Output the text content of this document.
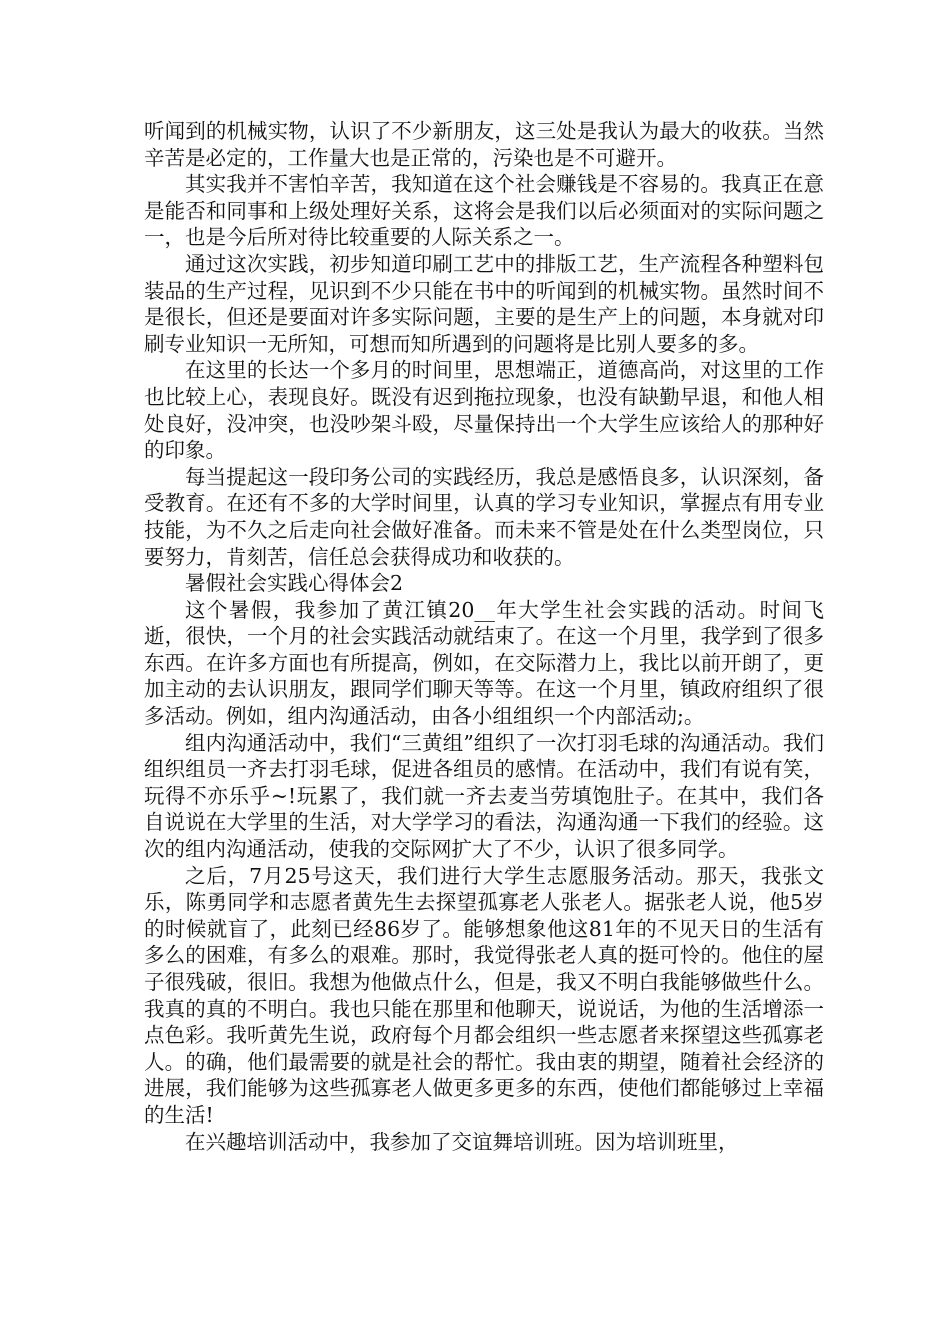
听闻到的机械实物，认识了不少新朋友，这三处是我认为最大的收获。当然辛苦是必定的，工作量大也是正常的，污染也是不可避开。

其实我并不害怕辛苦，我知道在这个社会赚钱是不容易的。我真正在意是能否和同事和上级处理好关系，这将会是我们以后必须面对的实际问题之一，也是今后所对待比较重要的人际关系之一。

通过这次实践，初步知道印刷工艺中的排版工艺，生产流程各种塑料包装品的生产过程，见识到不少只能在书中的听闻到的机械实物。虽然时间不是很长，但还是要面对许多实际问题，主要的是生产上的问题，本身就对印刷专业知识一无所知，可想而知所遇到的问题将是比别人要多的多。

在这里的长达一个多月的时间里，思想端正，道德高尚，对这里的工作也比较上心，表现良好。既没有迟到拖拉现象，也没有缺勤早退，和他人相处良好，没冲突，也没吵架斗殴，尽量保持出一个大学生应该给人的那种好的印象。

每当提起这一段印务公司的实践经历，我总是感悟良多，认识深刻，备受教育。在还有不多的大学时间里，认真的学习专业知识，掌握点有用专业技能，为不久之后走向社会做好准备。而未来不管是处在什么类型岗位，只要努力，肯刻苦，信任总会获得成功和收获的。

暑假社会实践心得体会2

这个暑假，我参加了黄江镇20__年大学生社会实践的活动。时间飞逝，很快，一个月的社会实践活动就结束了。在这一个月里，我学到了很多东西。在许多方面也有所提高，例如，在交际潜力上，我比以前开朗了，更加主动的去认识朋友，跟同学们聊天等等。在这一个月里，镇政府组织了很多活动。例如，组内沟通活动，由各小组组织一个内部活动;。

组内沟通活动中，我们“三黄组”组织了一次打羽毛球的沟通活动。我们组织组员一齐去打羽毛球，促进各组员的感情。在活动中，我们有说有笑，玩得不亦乐乎~!玩累了，我们就一齐去麦当劳填饱肚子。在其中，我们各自说说在大学里的生活，对大学学习的看法，沟通沟通一下我们的经验。这次的组内沟通活动，使我的交际网扩大了不少，认识了很多同学。

之后，7月25号这天，我们进行大学生志愿服务活动。那天，我张文乐，陈勇同学和志愿者黄先生去探望孤寡老人张老人。据张老人说，他5岁的时候就盲了，此刻已经86岁了。能够想象他这81年的不见天日的生活有多么的困难，有多么的艰难。那时，我觉得张老人真的挺可怜的。他住的屋子很残破，很旧。我想为他做点什么，但是，我又不明白我能够做些什么。我真的真的不明白。我也只能在那里和他聊天，说说话，为他的生活增添一点色彩。我听黄先生说，政府每个月都会组织一些志愿者来探望这些孤寡老人。的确，他们最需要的就是社会的帮忙。我由衷的期望，随着社会经济的进展，我们能够为这些孤寡老人做更多更多的东西，使他们都能够过上幸福的生活!

在兴趣培训活动中，我参加了交谊舞培训班。因为培训班里，
